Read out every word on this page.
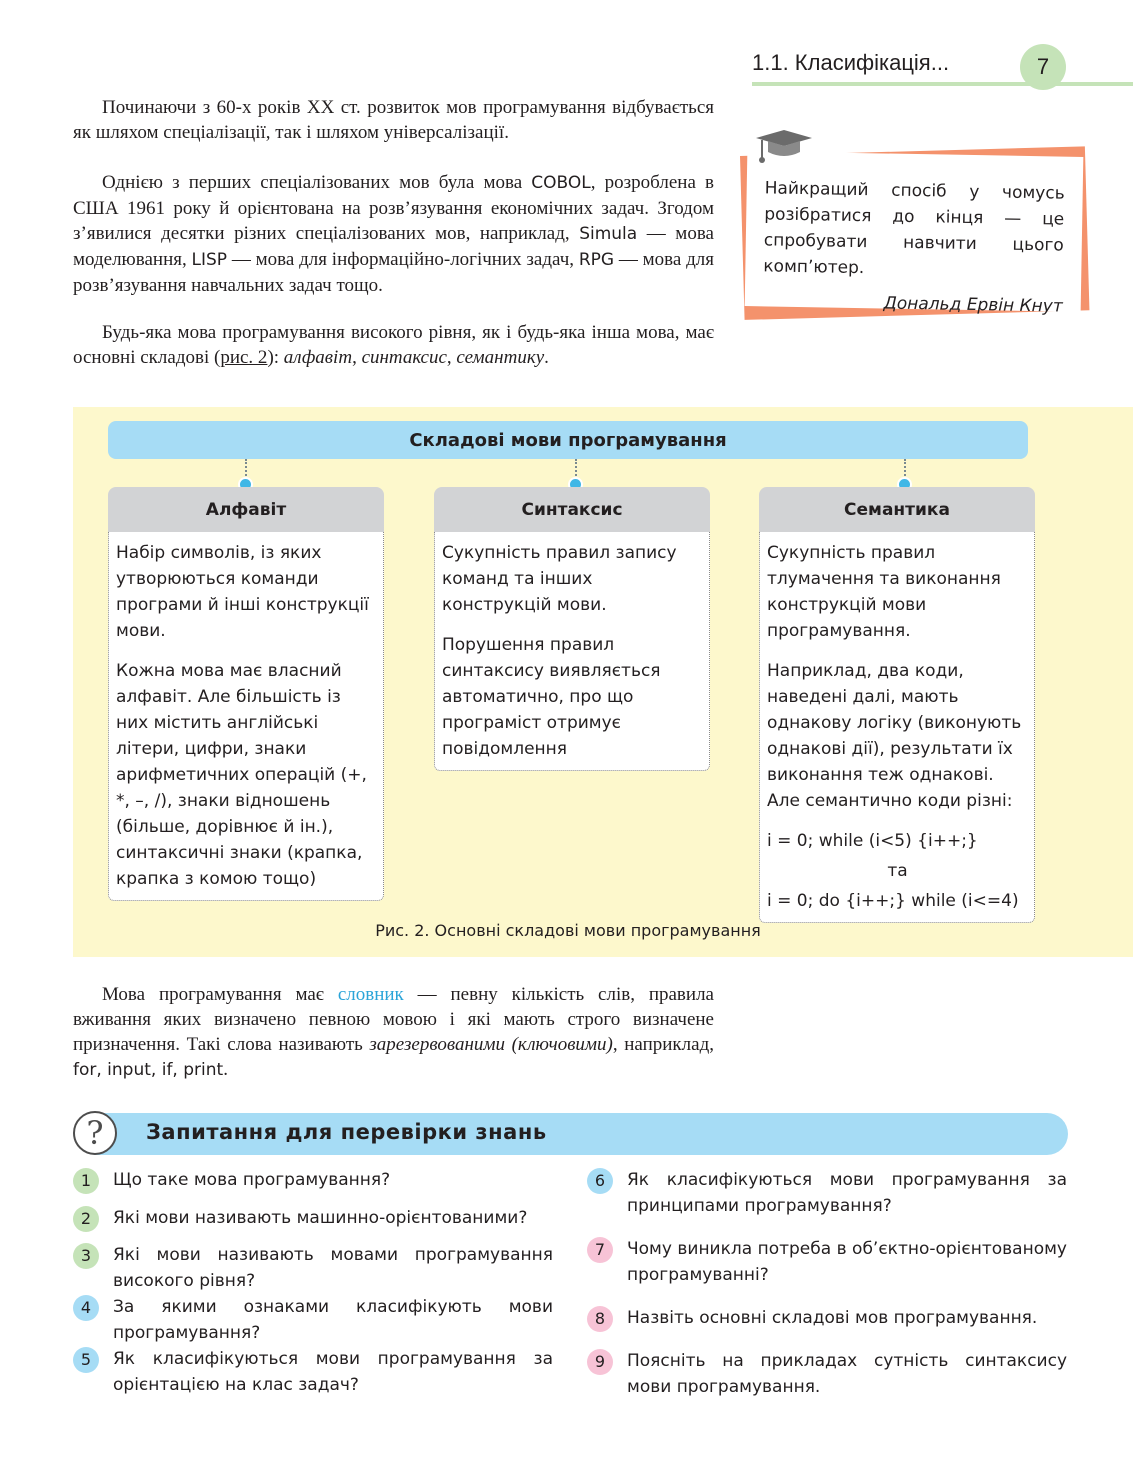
1.1. Класифікація...	7

Починаючи з 60-х років XX ст. розвиток мов програмування відбувається як шляхом спеціалізації, так і шляхом універсалізації.

Однією з перших спеціалізованих мов була мова COBOL, розроблена в США 1961 року й орієнтована на розв’язування економічних задач. Згодом з’явилися десятки різних спеціалізованих мов, наприклад, Simula — мова моделювання, LISP — мова для інформаційно-логічних задач, RPG — мова для розв’язування навчальних задач тощо.

Будь-яка мова програмування високого рівня, як і будь-яка інша мова, має основні складові (рис. 2): алфавіт, синтаксис, семантику.

Найкращий спосіб у чомусь розібратися до кінця — це спробувати навчити цього комп’ютер.

Дональд Ервін Кнут
Складові мови програмування
Алфавіт

Набір символів, із яких утворюються команди програми й інші конструкції мови.

Кожна мова має власний алфавіт. Але більшість із них містить англійські літери, цифри, знаки арифметичних операцій (+, *, –, /), знаки відношень (більше, дорівнює й ін.), синтаксичні знаки (крапка, крапка з комою тощо)

Синтаксис

Сукупність правил запису команд та інших конструкцій мови.

Порушення правил синтаксису виявляється автоматично, про що програміст отримує повідомлення

Семантика

Сукупність правил тлумачення та виконання конструкцій мови програмування.

Наприклад, два коди, наведені далі, мають однакову логіку (виконують однакові дії), результати їх виконання теж однакові. Але семантично коди різні:

i = 0; while (i<5) {i++;}
та
i = 0; do {i++;} while (i<=4)
Рис. 2. Основні складові мови програмування

Мова програмування має словник — певну кількість слів, правила вживання яких визначено певною мовою і які мають строго визначене призначення. Такі слова називають зарезервованими (ключовими), наприклад, for, input, if, print.

?	Запитання для перевірки знань
1	Що таке мова програмування?
2	Які мови називають машинно-орієнтованими?
3	Які мови називають мовами програмування високого рівня?
4	За якими ознаками класифікують мови програмування?
5	Як класифікуються мови програмування за орієнтацією на клас задач?
6	Як класифікуються мови програмування за принципами програмування?
7	Чому виникла потреба в об’єктно-орієнтованому програмуванні?
8	Назвіть основні складові мов програмування.
9	Поясніть на прикладах сутність синтаксису мови програмування.
